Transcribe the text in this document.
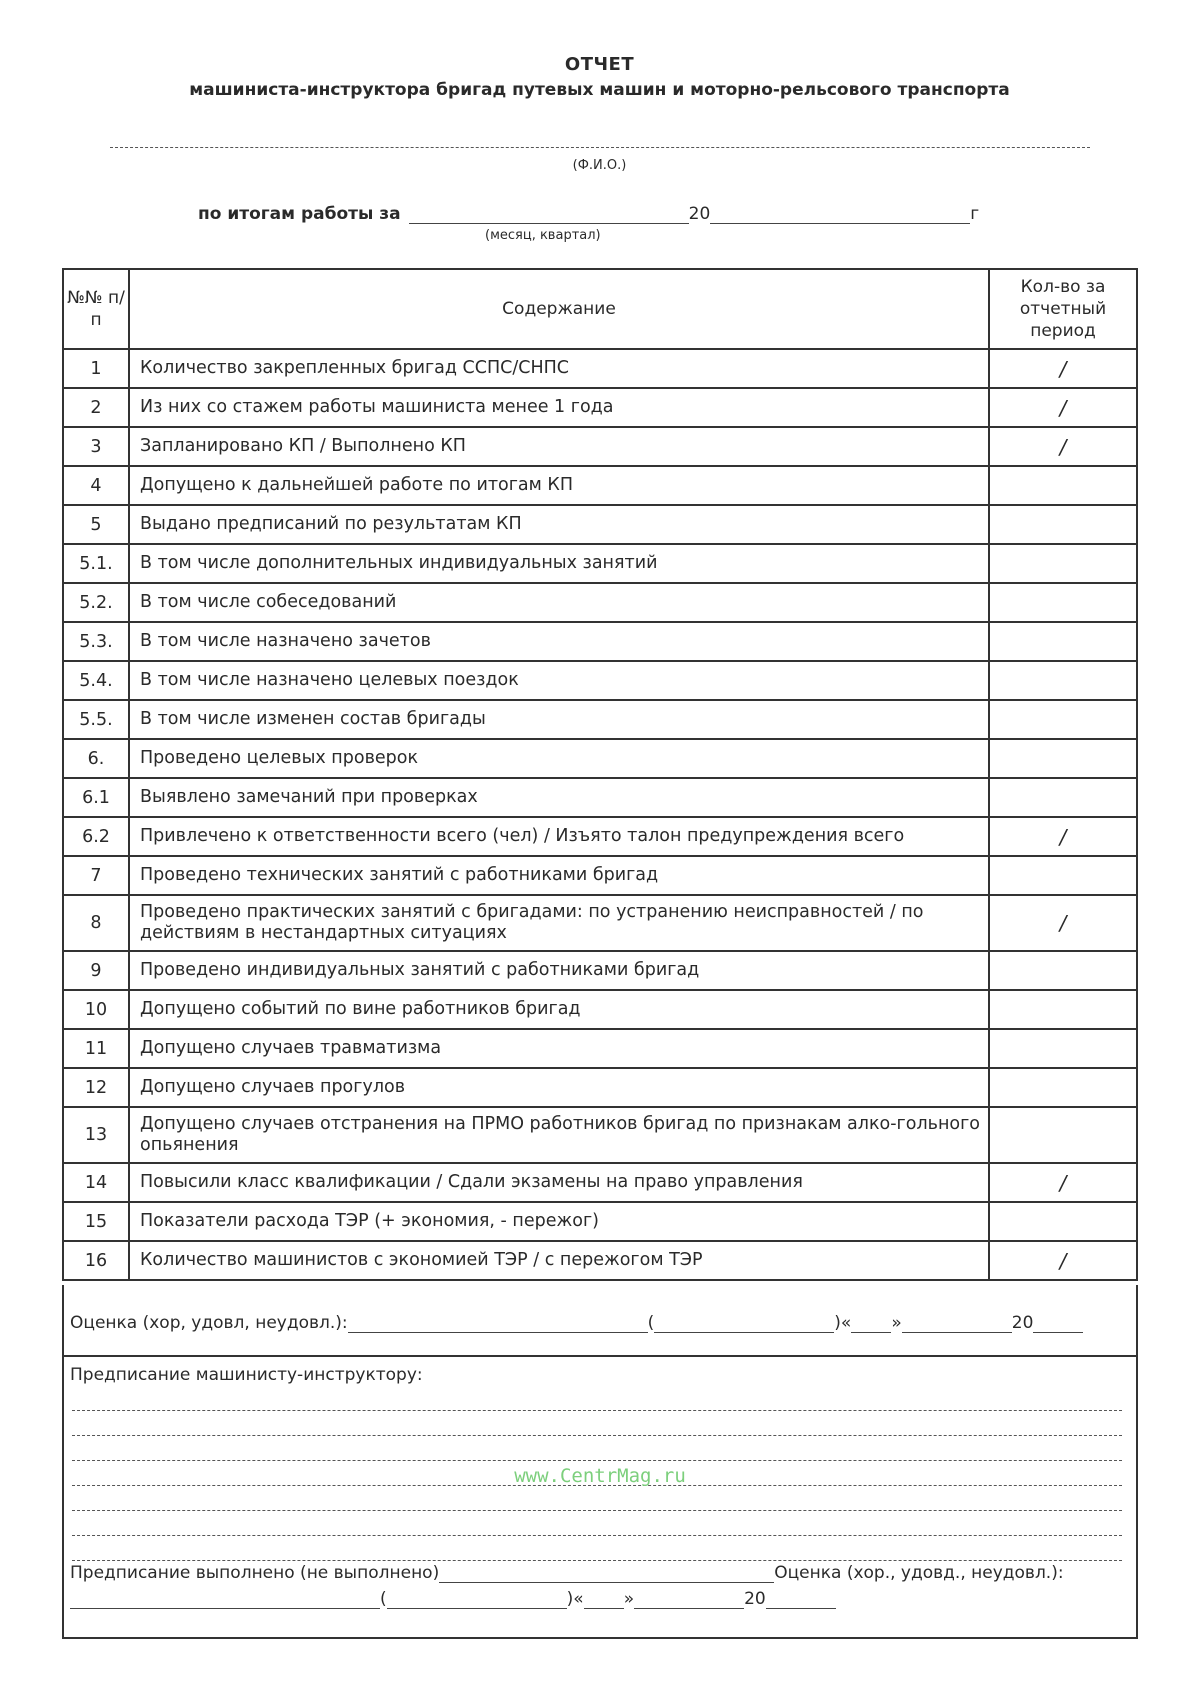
ОТЧЕТ
машиниста-инструктора бригад путевых машин и моторно-рельсового транспорта
(Ф.И.О.)
по итогам работы за	20	г
(месяц, квартал)
№№ п/п	Содержание	Кол-во за отчетный период
1	Количество закрепленных бригад ССПС/СНПС	/
2	Из них со стажем работы машиниста менее 1 года	/
3	Запланировано КП / Выполнено КП	/
4	Допущено к дальнейшей работе по итогам КП	
5	Выдано предписаний по результатам КП	
5.1.	В том числе дополнительных индивидуальных занятий	
5.2.	В том числе собеседований	
5.3.	В том числе назначено зачетов	
5.4.	В том числе назначено целевых поездок	
5.5.	В том числе изменен состав бригады	
6.	Проведено целевых проверок	
6.1	Выявлено замечаний при проверках	
6.2	Привлечено к ответственности всего (чел) / Изъято талон предупреждения всего	/
7	Проведено технических занятий с работниками бригад	
8	Проведено практических занятий с бригадами: по устранению неисправностей / по действиям в нестандартных ситуациях	/
9	Проведено индивидуальных занятий с работниками бригад	
10	Допущено событий по вине работников бригад	
11	Допущено случаев травматизма	
12	Допущено случаев прогулов	
13	Допущено случаев отстранения на ПРМО работников бригад по признакам алко-гольного опьянения	
14	Повысили класс квалификации / Сдали экзамены на право управления	/
15	Показатели расхода ТЭР (+ экономия, - пережог)	
16	Количество машинистов с экономией ТЭР / с пережогом ТЭР	/
Оценка (хор, удовл, неудовл.):	(	)« »	20
Предписание машинисту-инструктору:
www.CentrMag.ru
Предписание выполнено (не выполнено)	Оценка (хор., удовд., неудовл.):
(	)« »	20
